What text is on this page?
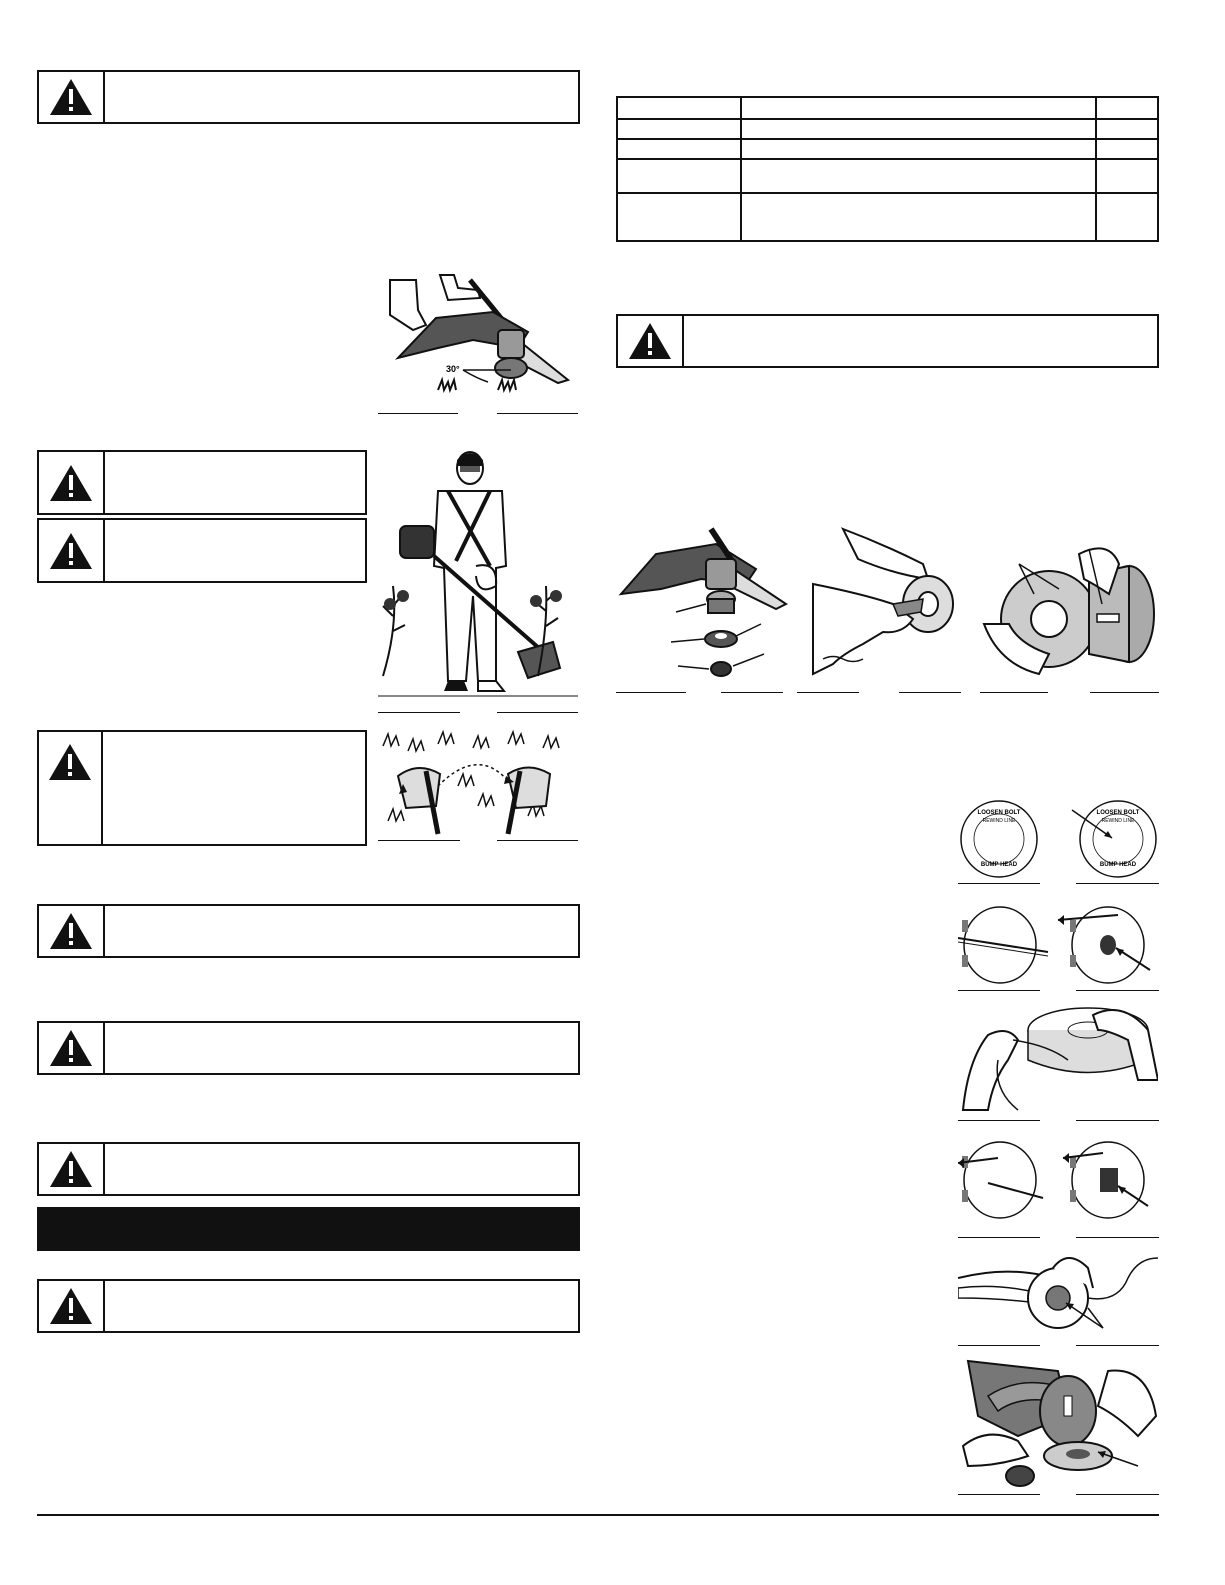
30°

LOOSEN BOLT
REWIND LINE
BUMP HEAD
LOOSEN BOLT
REWIND LINE
BUMP HEAD
